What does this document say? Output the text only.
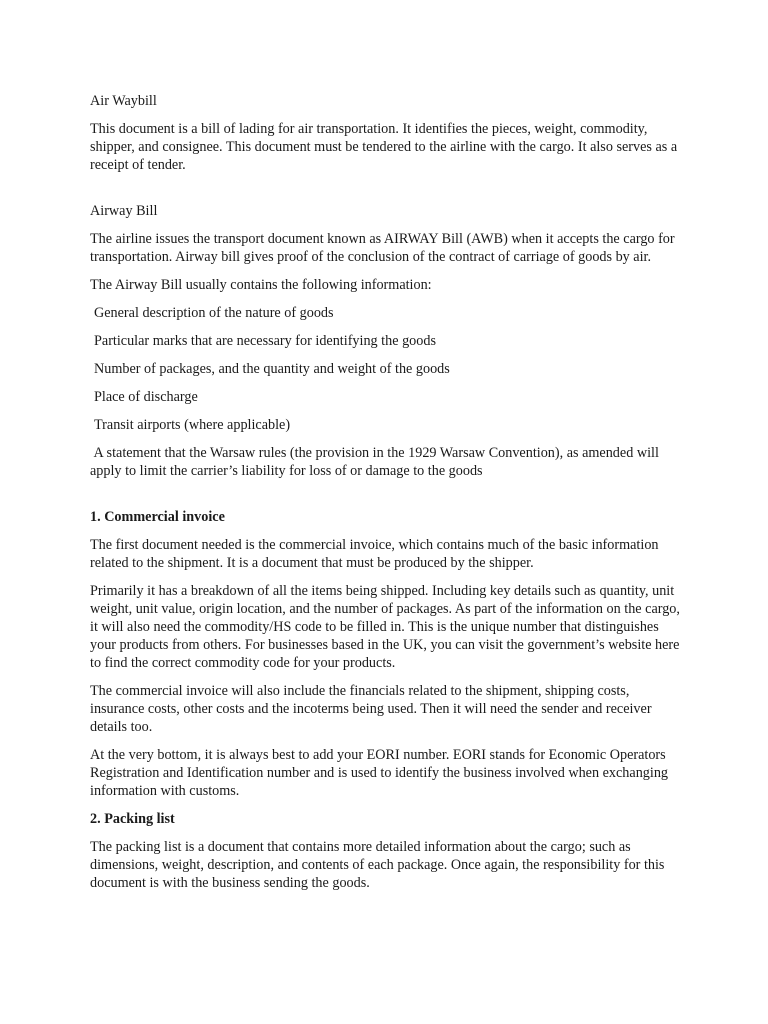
Air Waybill

This document is a bill of lading for air transportation. It identifies the pieces, weight, commodity, shipper, and consignee. This document must be tendered to the airline with the cargo. It also serves as a receipt of tender.

Airway Bill

The airline issues the transport document known as AIRWAY Bill (AWB) when it accepts the cargo for transportation. Airway bill gives proof of the conclusion of the contract of carriage of goods by air.

The Airway Bill usually contains the following information:

General description of the nature of goods

Particular marks that are necessary for identifying the goods

Number of packages, and the quantity and weight of the goods

Place of discharge

Transit airports (where applicable)

A statement that the Warsaw rules (the provision in the 1929 Warsaw Convention), as amended will apply to limit the carrier’s liability for loss of or damage to the goods

1. Commercial invoice

The first document needed is the commercial invoice, which contains much of the basic information related to the shipment. It is a document that must be produced by the shipper.

Primarily it has a breakdown of all the items being shipped. Including key details such as quantity, unit weight, unit value, origin location, and the number of packages. As part of the information on the cargo, it will also need the commodity/HS code to be filled in. This is the unique number that distinguishes your products from others. For businesses based in the UK, you can visit the government’s website here to find the correct commodity code for your products.

The commercial invoice will also include the financials related to the shipment, shipping costs, insurance costs, other costs and the incoterms being used. Then it will need the sender and receiver details too.

At the very bottom, it is always best to add your EORI number. EORI stands for Economic Operators Registration and Identification number and is used to identify the business involved when exchanging information with customs.

2. Packing list

The packing list is a document that contains more detailed information about the cargo; such as dimensions, weight, description, and contents of each package. Once again, the responsibility for this document is with the business sending the goods.
